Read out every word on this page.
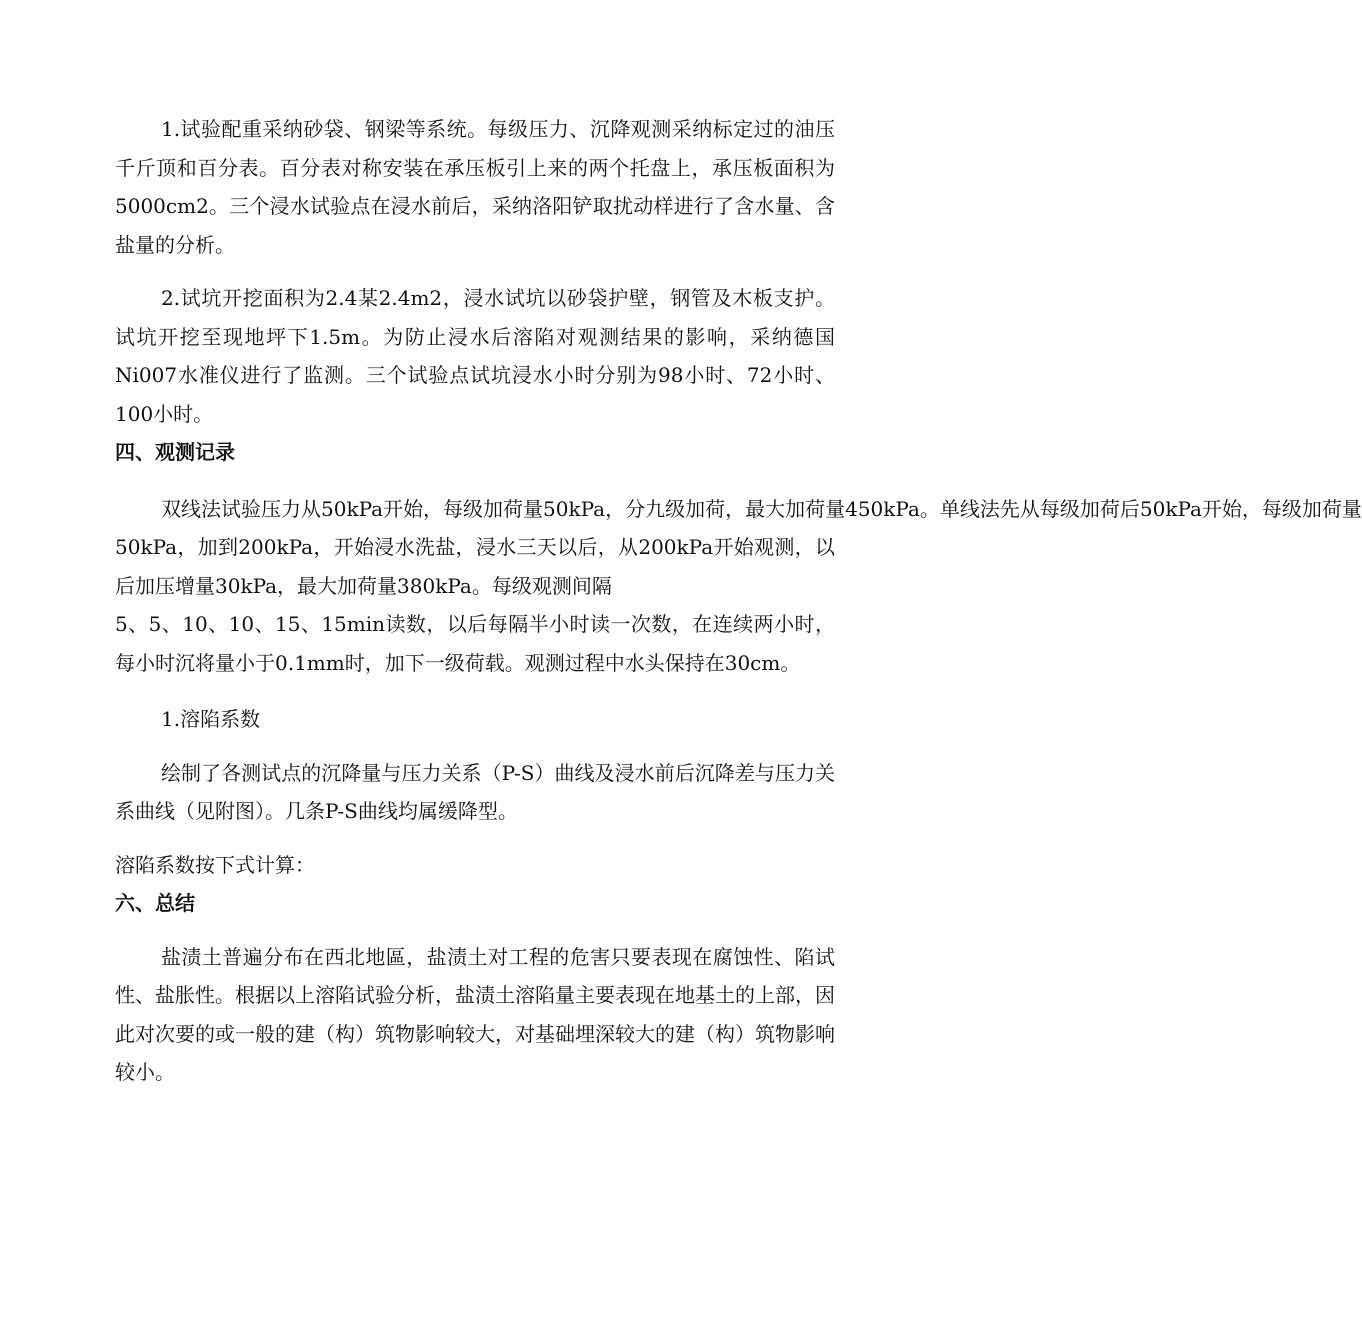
1.试验配重采纳砂袋、钢梁等系统。每级压力、沉降观测采纳标定过的油压千斤顶和百分表。百分表对称安装在承压板引上来的两个托盘上，承压板面积为5000cm2。三个浸水试验点在浸水前后，采纳洛阳铲取扰动样进行了含水量、含盐量的分析。

2.试坑开挖面积为2.4某2.4m2，浸水试坑以砂袋护壁，钢管及木板支护。试坑开挖至现地坪下1.5m。为防止浸水后溶陷对观测结果的影响，采纳德国Ni007水准仪进行了监测。三个试验点试坑浸水小时分别为98小时、72小时、100小时。

四、观测记录

双线法试验压力从50kPa开始，每级加荷量50kPa，分九级加荷，最大加荷量450kPa。单线法先从每级加荷后50kPa开始，每级加荷量

50kPa，加到200kPa，开始浸水洗盐，浸水三天以后，从200kPa开始观测，以后加压增量30kPa，最大加荷量380kPa。每级观测间隔

5、5、10、10、15、15min读数，以后每隔半小时读一次数，在连续两小时，每小时沉将量小于0.1mm时，加下一级荷载。观测过程中水头保持在30cm。

1.溶陷系数

绘制了各测试点的沉降量与压力关系（P-S）曲线及浸水前后沉降差与压力关系曲线（见附图）。几条P-S曲线均属缓降型。

溶陷系数按下式计算：

六、总结

盐渍土普遍分布在西北地區，盐渍土对工程的危害只要表现在腐蚀性、陷试性、盐胀性。根据以上溶陷试验分析，盐渍土溶陷量主要表现在地基土的上部，因此对次要的或一般的建（构）筑物影响较大，对基础埋深较大的建（构）筑物影响较小。
